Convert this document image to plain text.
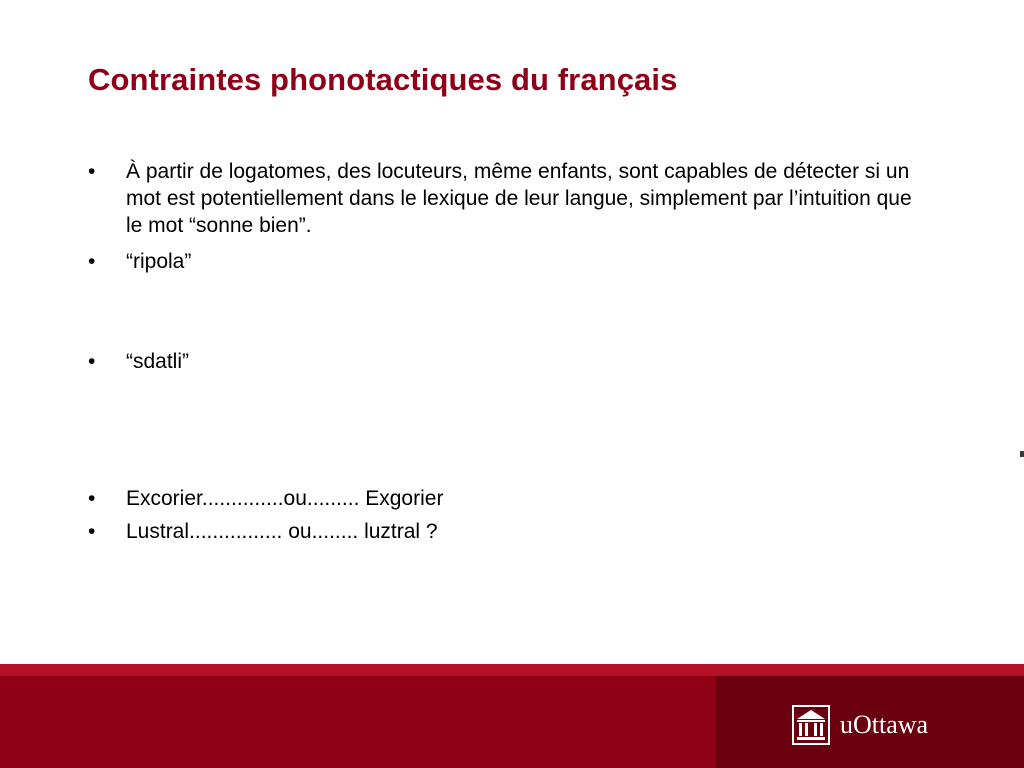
Contraintes phonotactiques du français
•	À partir de logatomes, des locuteurs, même enfants, sont capables de détecter si un mot est potentiellement dans le lexique de leur langue, simplement par l’intuition que le mot “sonne bien”.
•	“ripola”
•	“sdatli”
•	Excorier..............ou......... Exgorier
•	Lustral................ ou........ luztral ?
uOttawa
